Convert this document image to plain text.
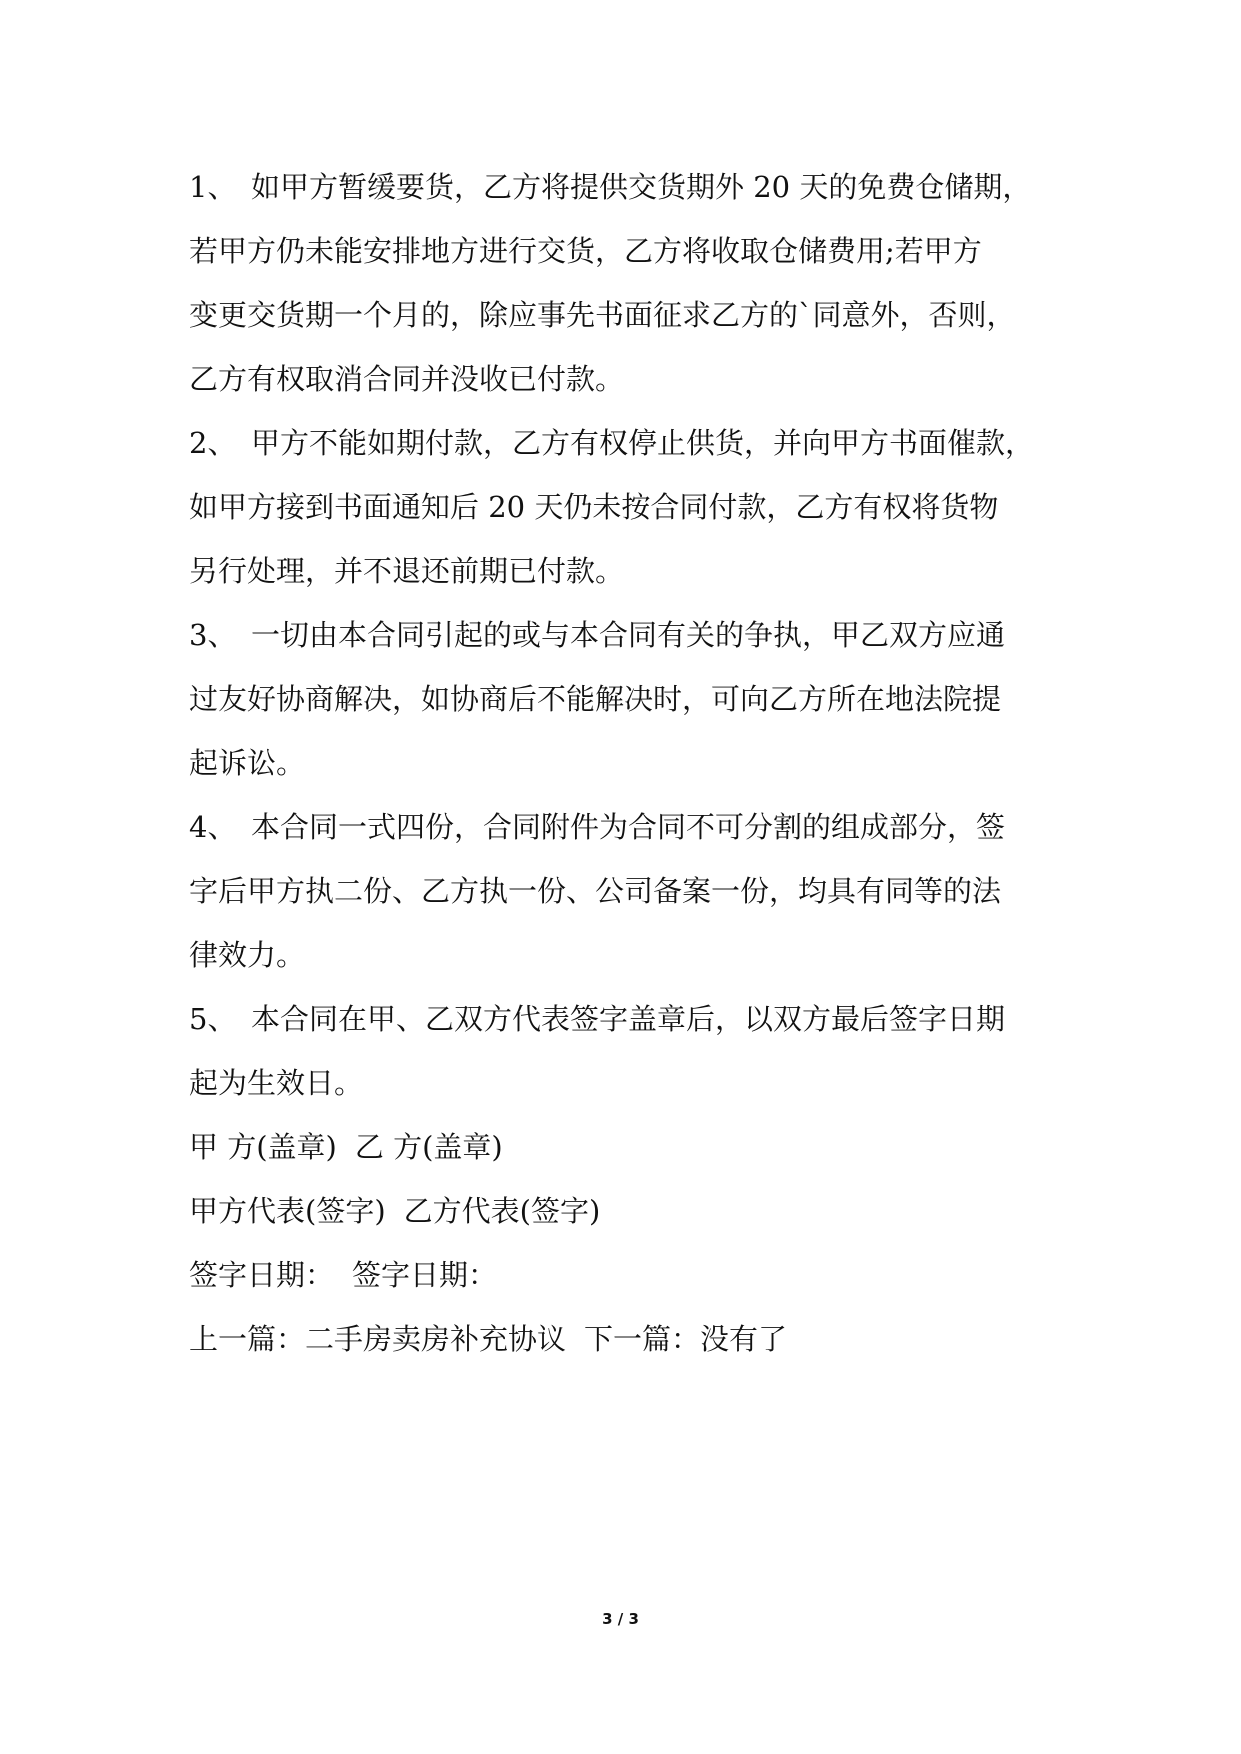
1、 如甲方暂缓要货，乙方将提供交货期外 20 天的免费仓储期，
若甲方仍未能安排地方进行交货，乙方将收取仓储费用;若甲方
变更交货期一个月的，除应事先书面征求乙方的`同意外，否则，
乙方有权取消合同并没收已付款。
2、 甲方不能如期付款，乙方有权停止供货，并向甲方书面催款，
如甲方接到书面通知后 20 天仍未按合同付款，乙方有权将货物
另行处理，并不退还前期已付款。
3、 一切由本合同引起的或与本合同有关的争执，甲乙双方应通
过友好协商解决，如协商后不能解决时，可向乙方所在地法院提
起诉讼。
4、 本合同一式四份，合同附件为合同不可分割的组成部分，签
字后甲方执二份、乙方执一份、公司备案一份，均具有同等的法
律效力。
5、 本合同在甲、乙双方代表签字盖章后，以双方最后签字日期
起为生效日。

甲 方(盖章) 乙 方(盖章)

甲方代表(签字) 乙方代表(签字)

签字日期： 签字日期：

上一篇：二手房卖房补充协议 下一篇：没有了

3 / 3
